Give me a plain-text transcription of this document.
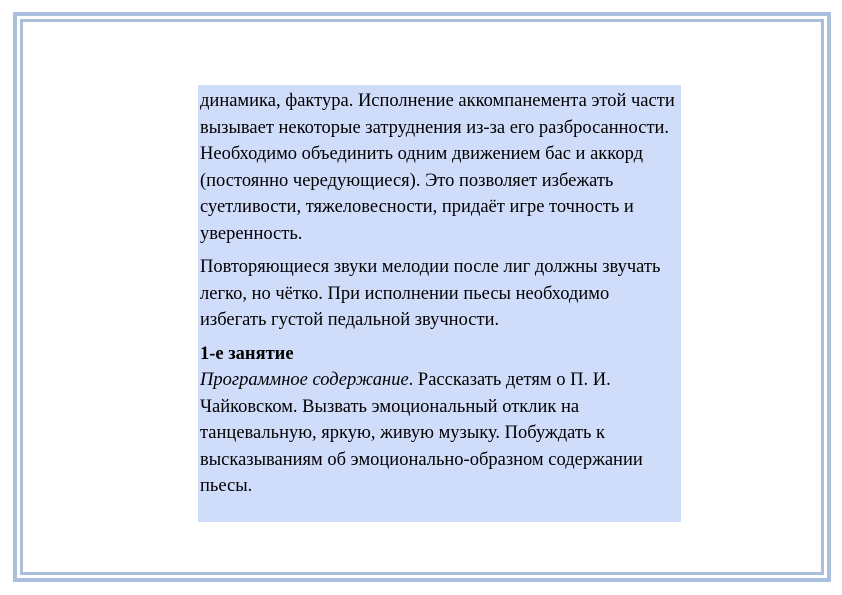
динамика, фактура. Исполнение аккомпанемента этой части вызывает некоторые затруднения из-за его разбросанности. Необходимо объединить одним движением бас и аккорд (постоянно чередующиеся). Это позволяет избежать суетливости, тяжеловесности, придаёт игре точность и уверенность.

Повторяющиеся звуки мелодии после лиг должны звучать легко, но чётко. При исполнении пьесы необходимо избегать густой педальной звучности.

1-е занятие

Программное содержание. Рассказать детям о П. И. Чайковском. Вызвать эмоциональный отклик на танцевальную, яркую, живую музыку. Побуждать к высказываниям об эмоционально-образном содержании пьесы.
